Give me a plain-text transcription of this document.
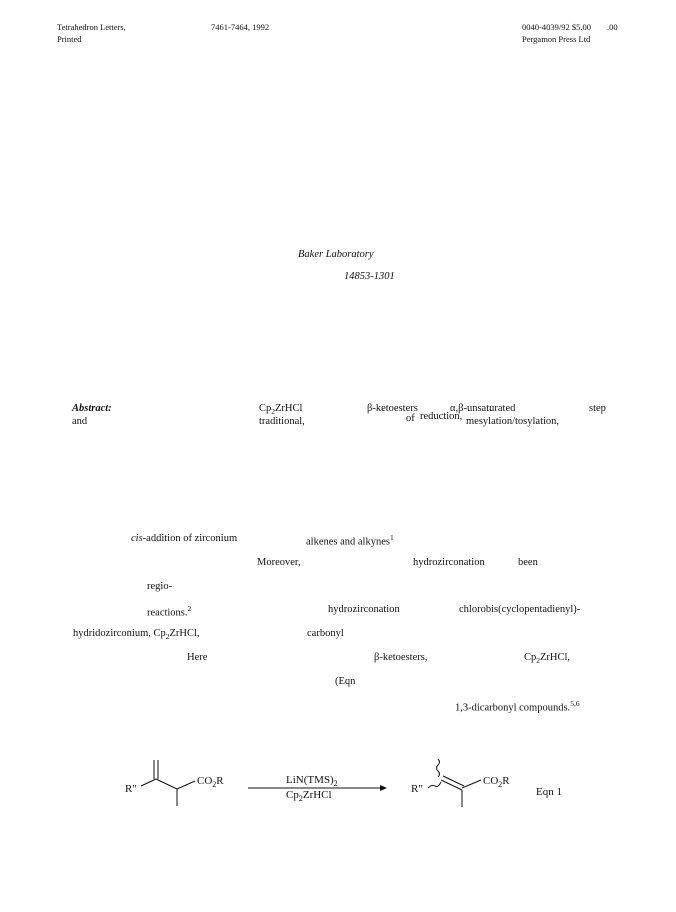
Tetrahedron Letters,
Printed
7461-7464, 1992	0040-4039/92 $5.00 .00
Pergamon Press Ltd
Baker Laboratory
14853-1301
Abstract:
and
$Cp_2ZrHCl$
traditional,
β-ketoesters
of reduction,
α,β-unsaturated
mesylation/tosylation,
step
cis-addition of zirconium	alkenes and alkynes$^1$
Moreover,	hydrozirconation	been
regio-
reactions.$^2$	hydrozirconation	chlorobis(cyclopentadienyl)-
hydridozirconium, $Cp_2ZrHCl$,	carbonyl
Here	β-ketoesters,	$Cp_2ZrHCl$,
(Eqn
1,3-dicarbonyl compounds.$^{5,6}$
R"
$CO_2R$	$LiN(TMS)_2$
$Cp_2ZrHCl$	R"
$CO_2R$
Eqn 1
